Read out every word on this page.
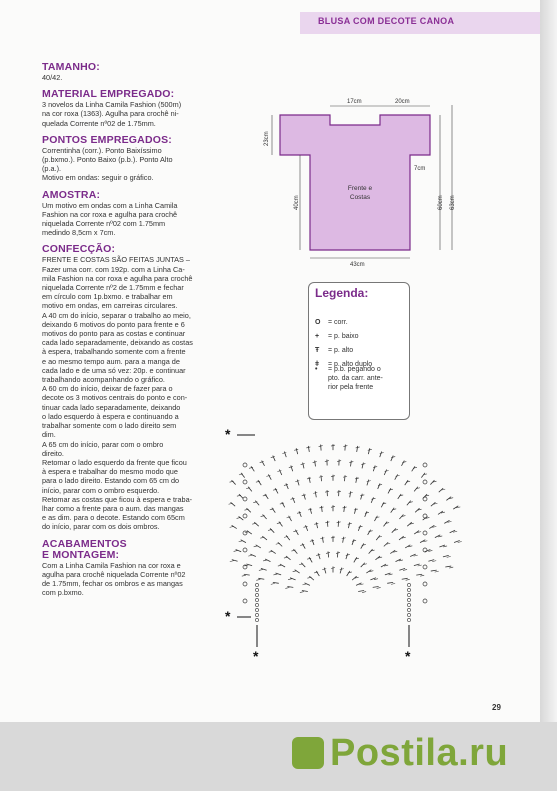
BLUSA COM DECOTE CANOA
TAMANHO:

40/42.

MATERIAL EMPREGADO:

3 novelos da Linha Camila Fashion (500m)
na cor roxa (1363). Agulha para crochê ni-
quelada Corrente nº02 de 1.75mm.

PONTOS EMPREGADOS:

Correntinha (corr.). Ponto Baixíssimo
(p.bxmo.). Ponto Baixo (p.b.). Ponto Alto
(p.a.).
Motivo em ondas: seguir o gráfico.

AMOSTRA:

Um motivo em ondas com a Linha Camila
Fashion na cor roxa e agulha para crochê
niquelada Corrente nº02 com 1.75mm
medindo 8,5cm x 7cm.

CONFECÇÃO:

FRENTE E COSTAS SÃO FEITAS JUNTAS –
Fazer uma corr. com 192p. com a Linha Ca-
mila Fashion na cor roxa e agulha para crochê
niquelada Corrente nº2 de 1.75mm e fechar
em círculo com 1p.bxmo. e trabalhar em
motivo em ondas, em carreiras circulares.
A 40 cm do início, separar o trabalho ao meio,
deixando 6 motivos do ponto para frente e 6
motivos do ponto para as costas e continuar
cada lado separadamente, deixando as costas
à espera, trabalhando somente com a frente
e ao mesmo tempo aum. para a manga de
cada lado e de uma só vez: 20p. e continuar
trabalhando acompanhando o gráfico.
A 60 cm do início, deixar de fazer para o
decote os 3 motivos centrais do ponto e con-
tinuar cada lado separadamente, deixando
o lado esquerdo à espera e continuando a
trabalhar somente com o lado direito sem
dim.
A 65 cm do início, parar com o ombro
direito.
Retomar o lado esquerdo da frente que ficou
à espera e trabalhar do mesmo modo que
para o lado direito. Estando com 65 cm do
início, parar com o ombro esquerdo.
Retomar as costas que ficou à espera e traba-
lhar como a frente para o aum. das mangas
e as dim. para o decote. Estando com 65cm
do início, parar com os dois ombros.

ACABAMENTOS
E MONTAGEM:

Com a Linha Camila Fashion na cor roxa e
agulha para crochê niquelada Corrente nº02
de 1.75mm, fechar os ombros e as mangas
com p.bxmo.

17cm	20cm
23cm
40cm
7cm
60cm 63cm
43cm
Frente e Costas
Legenda:

O = corr.

+ = p. baixo

Ŧ = p. alto

ǂ = p. alto duplo

•	= p.b. pegando o
pto. da carr. ante-
rior pela frente
*
*
*	*
29
Postila.ru
